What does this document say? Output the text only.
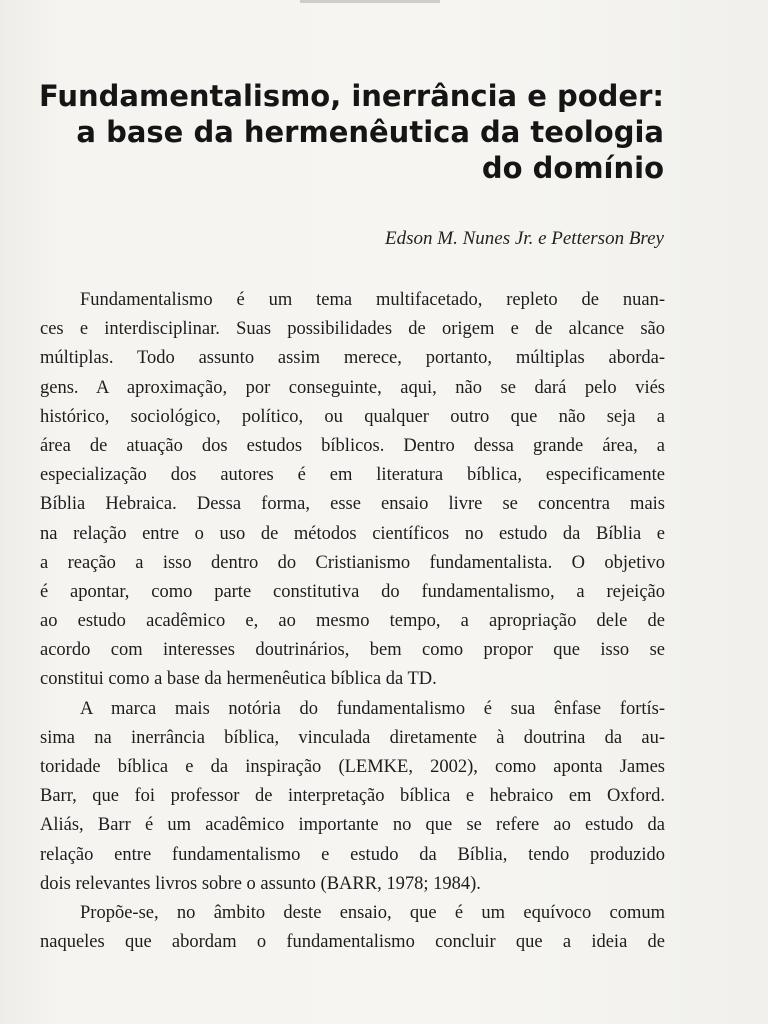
Fundamentalismo, inerrância e poder:
a base da hermenêutica da teologia
do domínio
Edson M. Nunes Jr. e Petterson Brey
Fundamentalismo é um tema multifacetado, repleto de nuan-
ces e interdisciplinar. Suas possibilidades de origem e de alcance são
múltiplas. Todo assunto assim merece, portanto, múltiplas aborda-
gens. A aproximação, por conseguinte, aqui, não se dará pelo viés
histórico, sociológico, político, ou qualquer outro que não seja a
área de atuação dos estudos bíblicos. Dentro dessa grande área, a
especialização dos autores é em literatura bíblica, especificamente
Bíblia Hebraica. Dessa forma, esse ensaio livre se concentra mais
na relação entre o uso de métodos científicos no estudo da Bíblia e
a reação a isso dentro do Cristianismo fundamentalista. O objetivo
é apontar, como parte constitutiva do fundamentalismo, a rejeição
ao estudo acadêmico e, ao mesmo tempo, a apropriação dele de
acordo com interesses doutrinários, bem como propor que isso se
constitui como a base da hermenêutica bíblica da TD.
A marca mais notória do fundamentalismo é sua ênfase fortís-
sima na inerrância bíblica, vinculada diretamente à doutrina da au-
toridade bíblica e da inspiração (LEMKE, 2002), como aponta James
Barr, que foi professor de interpretação bíblica e hebraico em Oxford.
Aliás, Barr é um acadêmico importante no que se refere ao estudo da
relação entre fundamentalismo e estudo da Bíblia, tendo produzido
dois relevantes livros sobre o assunto (BARR, 1978; 1984).
Propõe-se, no âmbito deste ensaio, que é um equívoco comum
naqueles que abordam o fundamentalismo concluir que a ideia de
